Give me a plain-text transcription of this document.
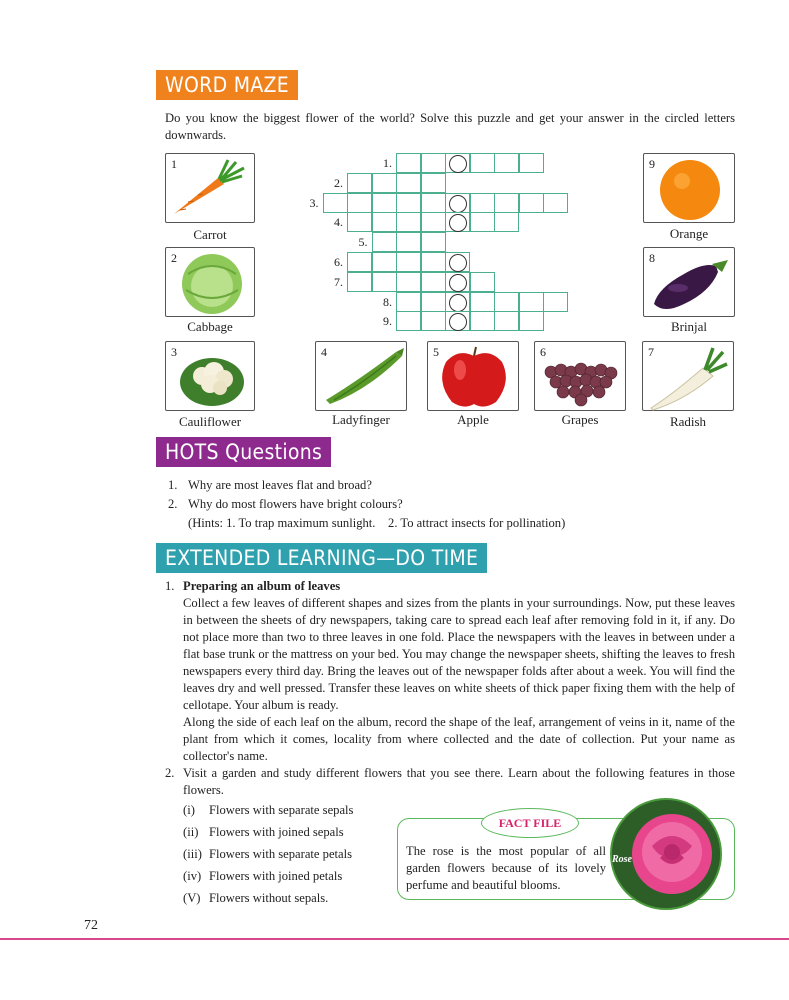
WORD MAZE

Do you know the biggest flower of the world? Solve this puzzle and get your answer in the circled letters downwards.

1
Carrot
2
Cabbage
3
Cauliflower
4
Ladyfinger
5
Apple
6
Grapes
7
Radish
8
Brinjal
9
Orange
1.
2.
3.
4.
5.
6.
7.
8.
9.
HOTS Questions
1. Why are most leaves flat and broad?
2. Why do most flowers have bright colours?
(Hints: 1. To trap maximum sunlight.    2. To attract insects for pollination)
EXTENDED LEARNING—DO TIME
1. Preparing an album of leaves

Collect a few leaves of different shapes and sizes from the plants in your surroundings. Now, put these leaves in between the sheets of dry newspapers, taking care to spread each leaf after removing fold in it, if any. Do not place more than two to three leaves in one fold. Place the newspapers with the leaves in between under a flat base trunk or the mattress on your bed. You may change the newspaper sheets, shifting the leaves to fresh newspapers every third day. Bring the leaves out of the newspaper folds after about a week. You will find the leaves dry and well pressed. Transfer these leaves on white sheets of thick paper fixing them with the help of cellotape. Your album is ready.

Along the side of each leaf on the album, record the shape of the leaf, arrangement of veins in it, name of the plant from which it comes, locality from where collected and the date of collection. Put your name as collector's name.

2. Visit a garden and study different flowers that you see there. Learn about the following features in those flowers.

(i) Flowers with separate sepals
(ii) Flowers with joined sepals
(iii) Flowers with separate petals
(iv) Flowers with joined petals
(V) Flowers without sepals.
FACT FILE

The rose is the most popular of all garden flowers because of its lovely perfume and beautiful blooms.

Rose
72
